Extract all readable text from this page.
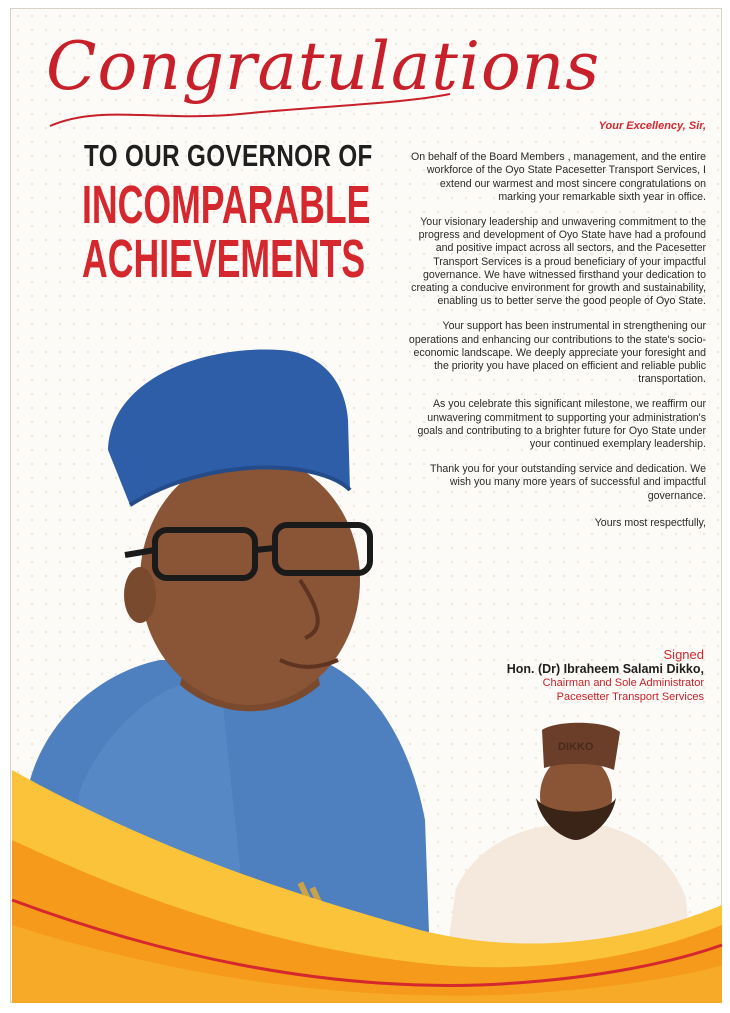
Congratulations
TO OUR GOVERNOR OF
INCOMPARABLE
ACHIEVEMENTS
Your Excellency, Sir,

On behalf of the Board Members , management, and the entire workforce of the Oyo State Pacesetter Transport Services, I extend our warmest and most sincere congratulations on marking your remarkable sixth year in office.

Your visionary leadership and unwavering commitment to the progress and development of Oyo State have had a profound and positive impact across all sectors, and the Pacesetter Transport Services is a proud beneficiary of your impactful governance. We have witnessed firsthand your dedication to creating a conducive environment for growth and sustainability, enabling us to better serve the good people of Oyo State.

Your support has been instrumental in strengthening our operations and enhancing our contributions to the state's socio-economic landscape. We deeply appreciate your foresight and the priority you have placed on efficient and reliable public transportation.

As you celebrate this significant milestone, we reaffirm our unwavering commitment to supporting your administration's goals and contributing to a brighter future for Oyo State under your continued exemplary leadership.

Thank you for your outstanding service and dedication. We wish you many more years of successful and impactful governance.

Yours most respectfully,
Signed
Hon. (Dr) Ibraheem Salami Dikko,
Chairman and Sole Administrator
Pacesetter Transport Services
DIKKO
